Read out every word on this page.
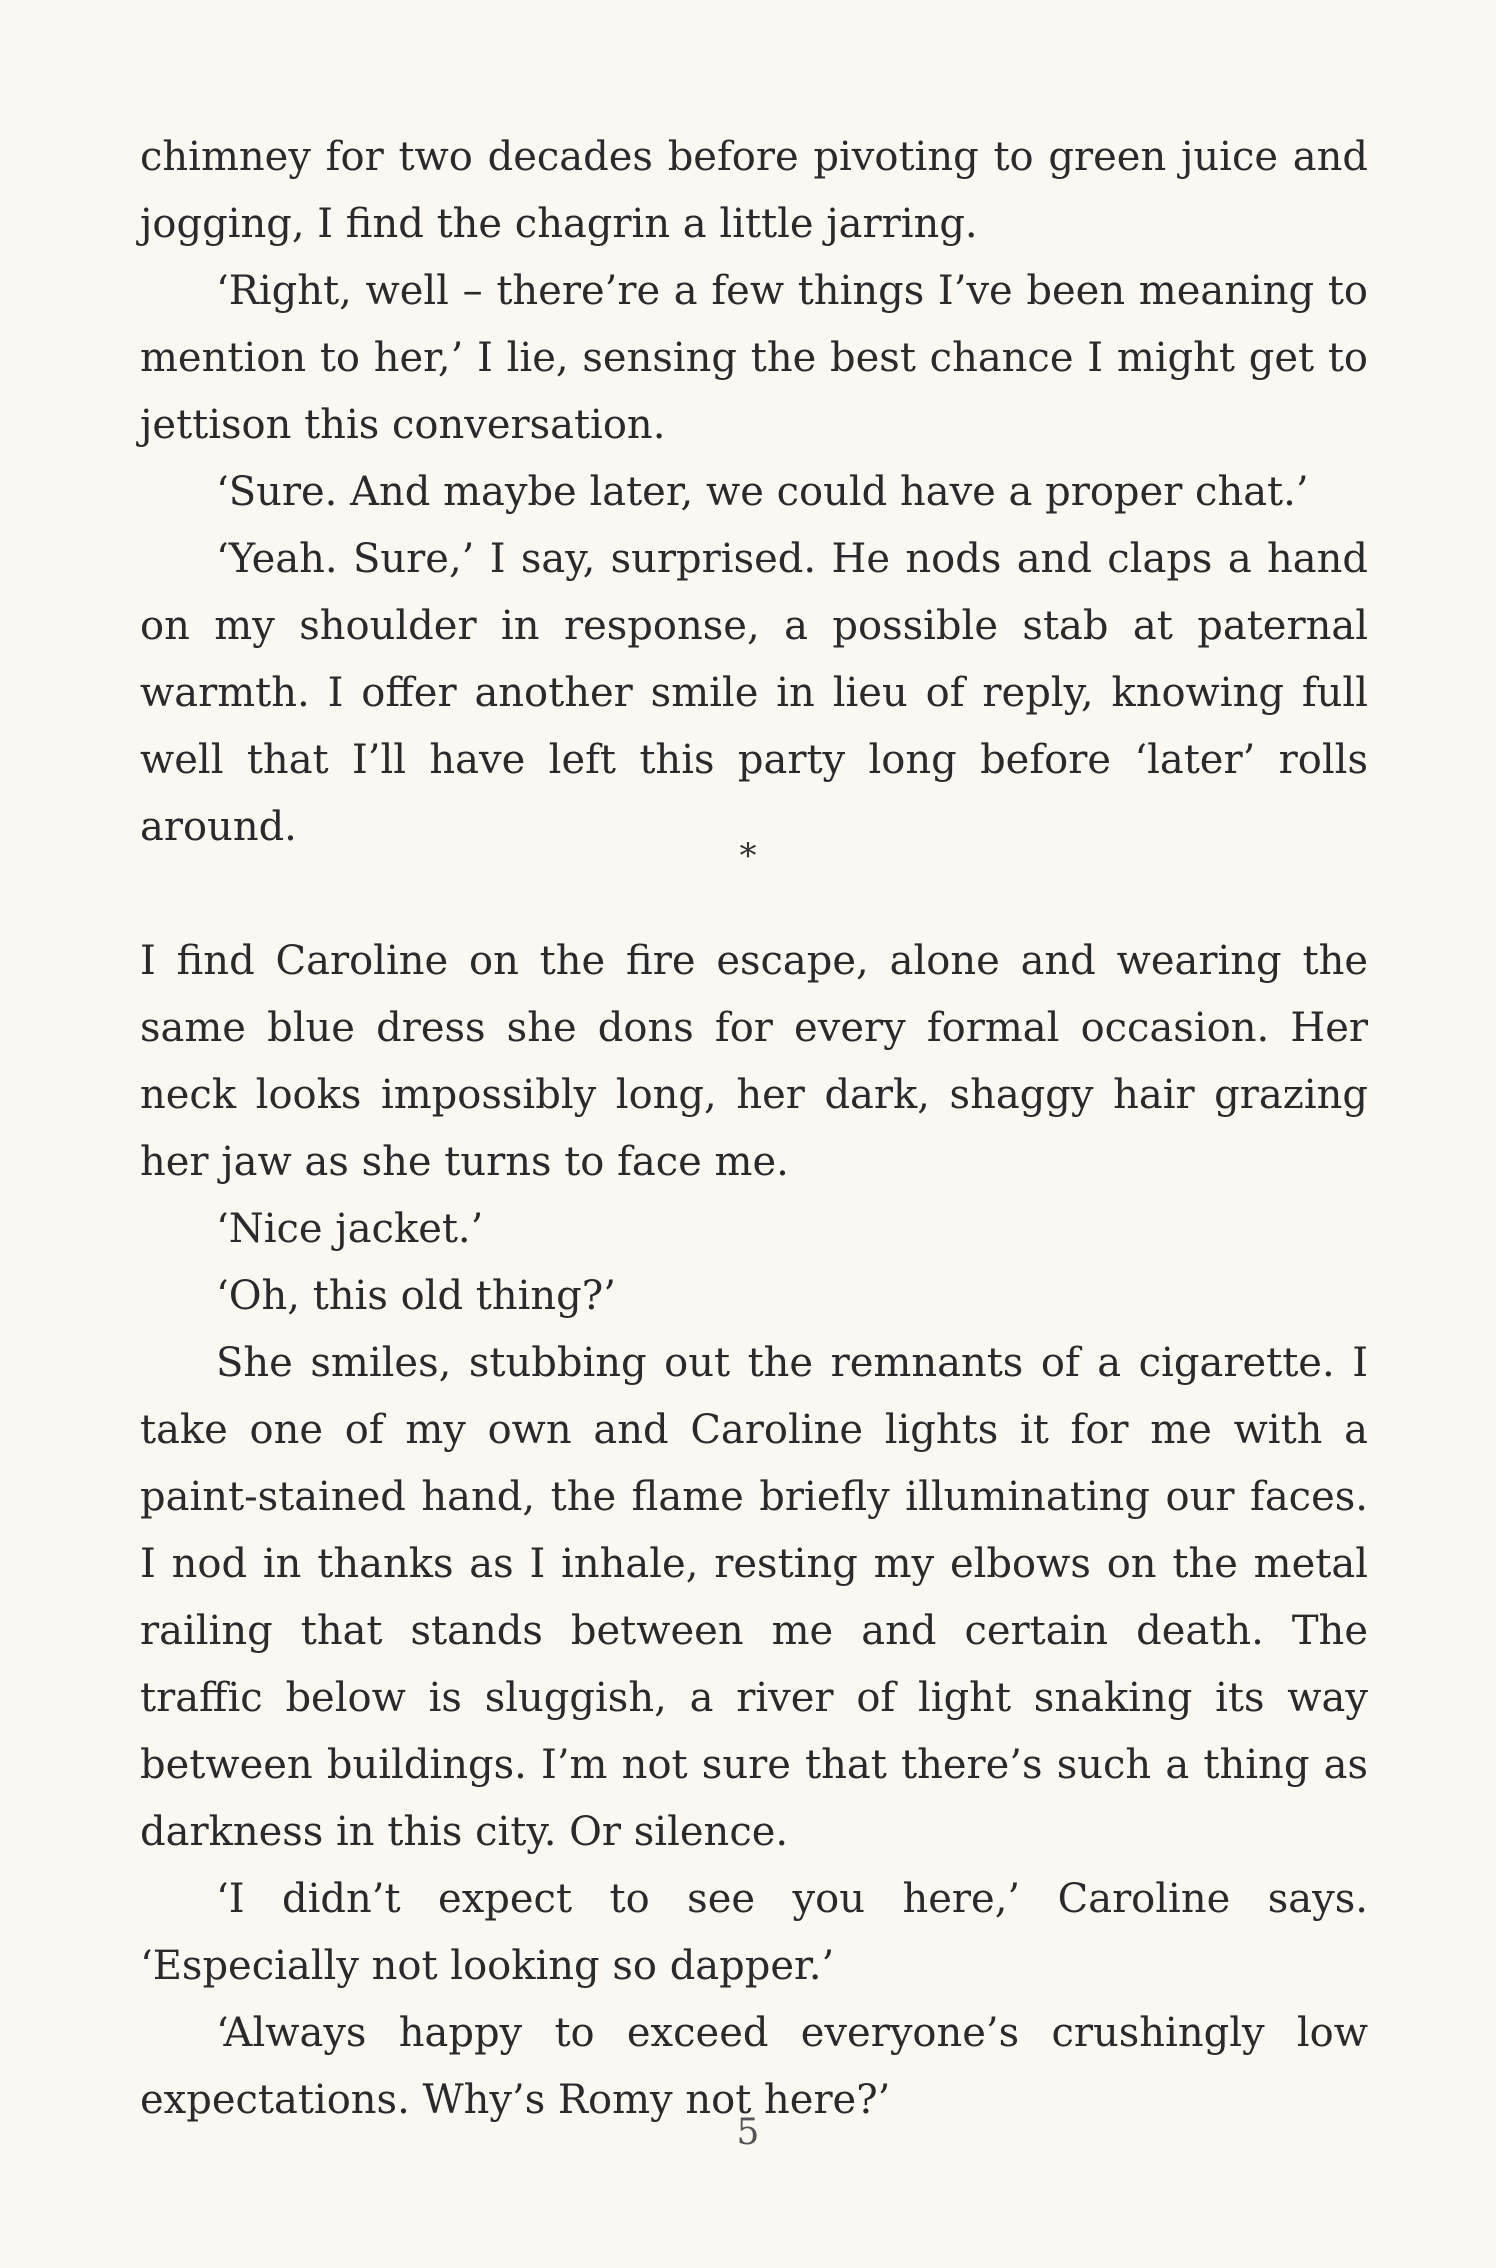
chimney for two decades before pivoting to green juice and jogging, I find the chagrin a little jarring.

‘Right, well – there’re a few things I’ve been meaning to mention to her,’ I lie, sensing the best chance I might get to jettison this conversation.

‘Sure. And maybe later, we could have a proper chat.’

‘Yeah. Sure,’ I say, surprised. He nods and claps a hand on my shoulder in response, a possible stab at paternal warmth. I offer another smile in lieu of reply, knowing full well that I’ll have left this party long before ‘later’ rolls around.

*

I find Caroline on the fire escape, alone and wearing the same blue dress she dons for every formal occasion. Her neck looks impossibly long, her dark, shaggy hair grazing her jaw as she turns to face me.

‘Nice jacket.’

‘Oh, this old thing?’

She smiles, stubbing out the remnants of a cigarette. I take one of my own and Caroline lights it for me with a paint-stained hand, the flame briefly illuminating our faces. I nod in thanks as I inhale, resting my elbows on the metal railing that stands between me and certain death. The traffic below is sluggish, a river of light snaking its way between buildings. I’m not sure that there’s such a thing as darkness in this city. Or silence.

‘I didn’t expect to see you here,’ Caroline says. ‘Especially not looking so dapper.’

‘Always happy to exceed everyone’s crushingly low expectations. Why’s Romy not here?’

5
